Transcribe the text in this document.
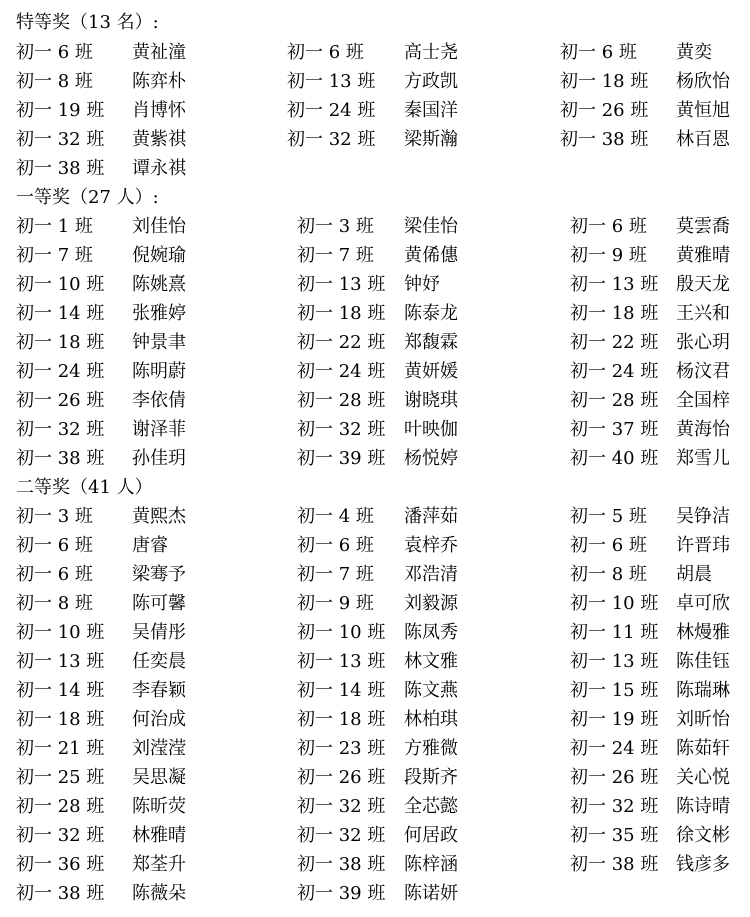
特等奖（13 名）:
初一 6 班 黄祉潼	初一 6 班 高士尧	初一 6 班 黄奕
初一 8 班 陈弈朴	初一 13 班 方政凯	初一 18 班 杨欣怡
初一 19 班 肖博怀	初一 24 班 秦国洋	初一 26 班 黄恒旭
初一 32 班 黄紫祺	初一 32 班 梁斯瀚	初一 38 班 林百恩
初一 38 班 谭永祺
一等奖（27 人）:
初一 1 班 刘佳怡	初一 3 班 梁佳怡	初一 6 班 莫雲喬
初一 7 班 倪婉瑜	初一 7 班 黄俙僡	初一 9 班 黄雅晴
初一 10 班 陈姚熹	初一 13 班 钟妤	初一 13 班 殷天龙
初一 14 班 张雅婷	初一 18 班 陈泰龙	初一 18 班 王兴和
初一 18 班 钟景聿	初一 22 班 郑馥霖	初一 22 班 张心玥
初一 24 班 陈明蔚	初一 24 班 黄妍媛	初一 24 班 杨汶君
初一 26 班 李依倩	初一 28 班 谢晓琪	初一 28 班 全国梓
初一 32 班 谢泽菲	初一 32 班 叶映伽	初一 37 班 黄海怡
初一 38 班 孙佳玥	初一 39 班 杨悦婷	初一 40 班 郑雪儿
二等奖（41 人）
初一 3 班 黄熙杰	初一 4 班 潘萍茹	初一 5 班 吴铮洁
初一 6 班 唐睿	初一 6 班 袁梓乔	初一 6 班 许晋玮
初一 6 班 梁骞予	初一 7 班 邓浩清	初一 8 班 胡晨
初一 8 班 陈可馨	初一 9 班 刘毅源	初一 10 班 卓可欣
初一 10 班 吴倩彤	初一 10 班 陈凤秀	初一 11 班 林熳雅
初一 13 班 任奕晨	初一 13 班 林文雅	初一 13 班 陈佳钰
初一 14 班 李春颖	初一 14 班 陈文燕	初一 15 班 陈瑞琳
初一 18 班 何治成	初一 18 班 林柏琪	初一 19 班 刘昕怡
初一 21 班 刘滢滢	初一 23 班 方雅微	初一 24 班 陈茹轩
初一 25 班 吴思凝	初一 26 班 段斯齐	初一 26 班 关心悦
初一 28 班 陈昕荧	初一 32 班 全芯懿	初一 32 班 陈诗晴
初一 32 班 林雅晴	初一 32 班 何居政	初一 35 班 徐文彬
初一 36 班 郑荃升	初一 38 班 陈梓涵	初一 38 班 钱彦多
初一 38 班 陈薇朵	初一 39 班 陈诺妍
